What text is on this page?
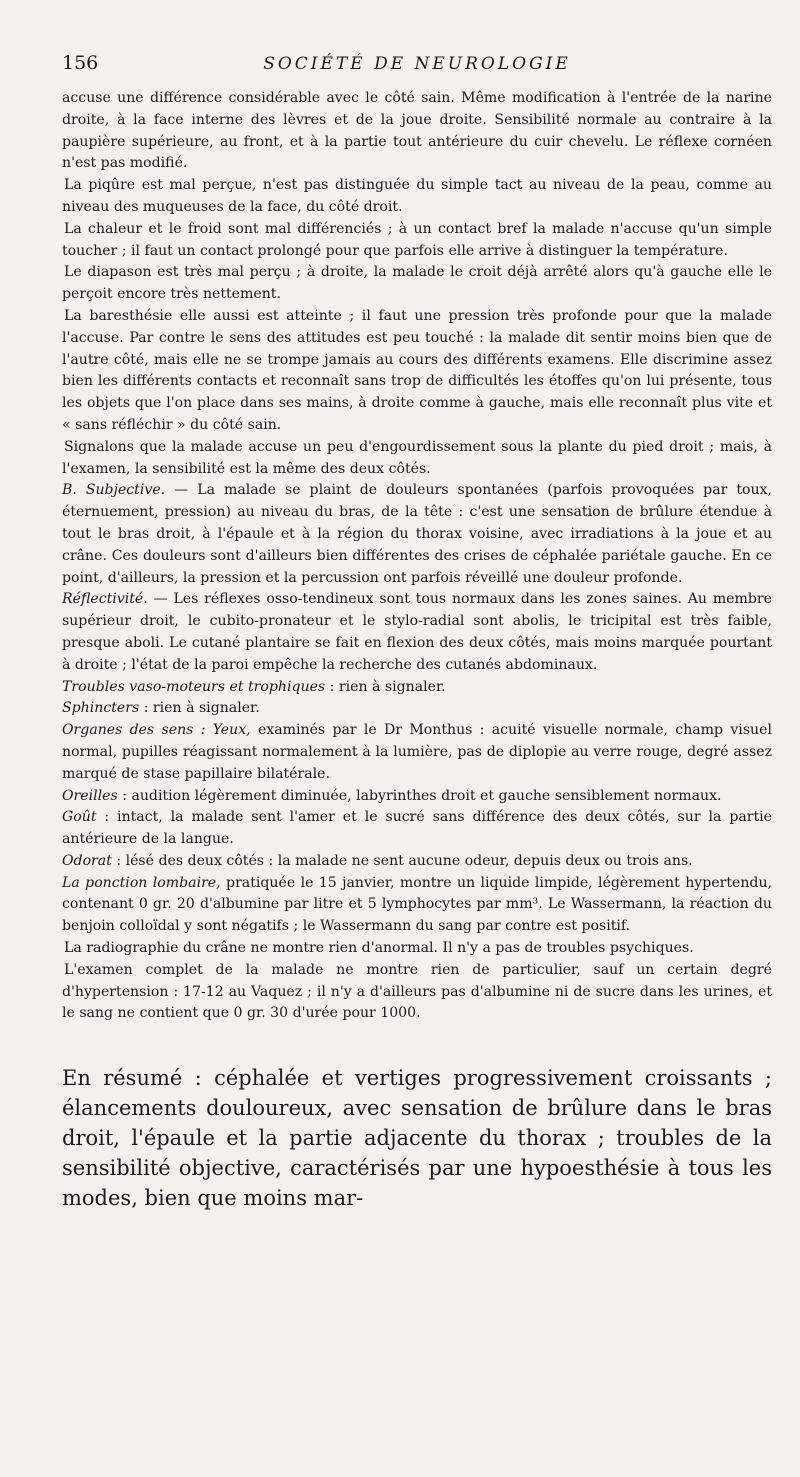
156	SOCIÉTÉ DE NEUROLOGIE

accuse une différence considérable avec le côté sain. Même modification à l'entrée de la narine droite, à la face interne des lèvres et de la joue droite. Sensibilité normale au contraire à la paupière supérieure, au front, et à la partie tout antérieure du cuir chevelu. Le réflexe cornéen n'est pas modifié.

La piqûre est mal perçue, n'est pas distinguée du simple tact au niveau de la peau, comme au niveau des muqueuses de la face, du côté droit.

La chaleur et le froid sont mal différenciés ; à un contact bref la malade n'accuse qu'un simple toucher ; il faut un contact prolongé pour que parfois elle arrive à distinguer la température.

Le diapason est très mal perçu ; à droite, la malade le croit déjà arrêté alors qu'à gauche elle le perçoit encore très nettement.

La baresthésie elle aussi est atteinte ; il faut une pression très profonde pour que la malade l'accuse. Par contre le sens des attitudes est peu touché : la malade dit sentir moins bien que de l'autre côté, mais elle ne se trompe jamais au cours des différents examens. Elle discrimine assez bien les différents contacts et reconnaît sans trop de difficultés les étoffes qu'on lui présente, tous les objets que l'on place dans ses mains, à droite comme à gauche, mais elle reconnaît plus vite et « sans réfléchir » du côté sain.

Signalons que la malade accuse un peu d'engourdissement sous la plante du pied droit ; mais, à l'examen, la sensibilité est la même des deux côtés.

B. Subjective. — La malade se plaint de douleurs spontanées (parfois provoquées par toux, éternuement, pression) au niveau du bras, de la tête : c'est une sensation de brûlure étendue à tout le bras droit, à l'épaule et à la région du thorax voisine, avec irradiations à la joue et au crâne. Ces douleurs sont d'ailleurs bien différentes des crises de céphalée pariétale gauche. En ce point, d'ailleurs, la pression et la percussion ont parfois réveillé une douleur profonde.

Réflectivité. — Les réflexes osso-tendineux sont tous normaux dans les zones saines. Au membre supérieur droit, le cubito-pronateur et le stylo-radial sont abolis, le tricipital est très faible, presque aboli. Le cutané plantaire se fait en flexion des deux côtés, mais moins marquée pourtant à droite ; l'état de la paroi empêche la recherche des cutanés abdominaux.

Troubles vaso-moteurs et trophiques : rien à signaler.

Sphincters : rien à signaler.

Organes des sens : Yeux, examinés par le Dr Monthus : acuité visuelle normale, champ visuel normal, pupilles réagissant normalement à la lumière, pas de diplopie au verre rouge, degré assez marqué de stase papillaire bilatérale.

Oreilles : audition légèrement diminuée, labyrinthes droit et gauche sensiblement normaux.

Goût : intact, la malade sent l'amer et le sucré sans différence des deux côtés, sur la partie antérieure de la langue.

Odorat : lésé des deux côtés : la malade ne sent aucune odeur, depuis deux ou trois ans.

La ponction lombaire, pratiquée le 15 janvier, montre un liquide limpide, légèrement hypertendu, contenant 0 gr. 20 d'albumine par litre et 5 lymphocytes par mm³. Le Wassermann, la réaction du benjoin colloïdal y sont négatifs ; le Wassermann du sang par contre est positif.

La radiographie du crâne ne montre rien d'anormal. Il n'y a pas de troubles psychiques.

L'examen complet de la malade ne montre rien de particulier, sauf un certain degré d'hypertension : 17-12 au Vaquez ; il n'y a d'ailleurs pas d'albumine ni de sucre dans les urines, et le sang ne contient que 0 gr. 30 d'urée pour 1000.

En résumé : céphalée et vertiges progressivement croissants ; élancements douloureux, avec sensation de brûlure dans le bras droit, l'épaule et la partie adjacente du thorax ; troubles de la sensibilité objective, caractérisés par une hypoesthésie à tous les modes, bien que moins mar-
